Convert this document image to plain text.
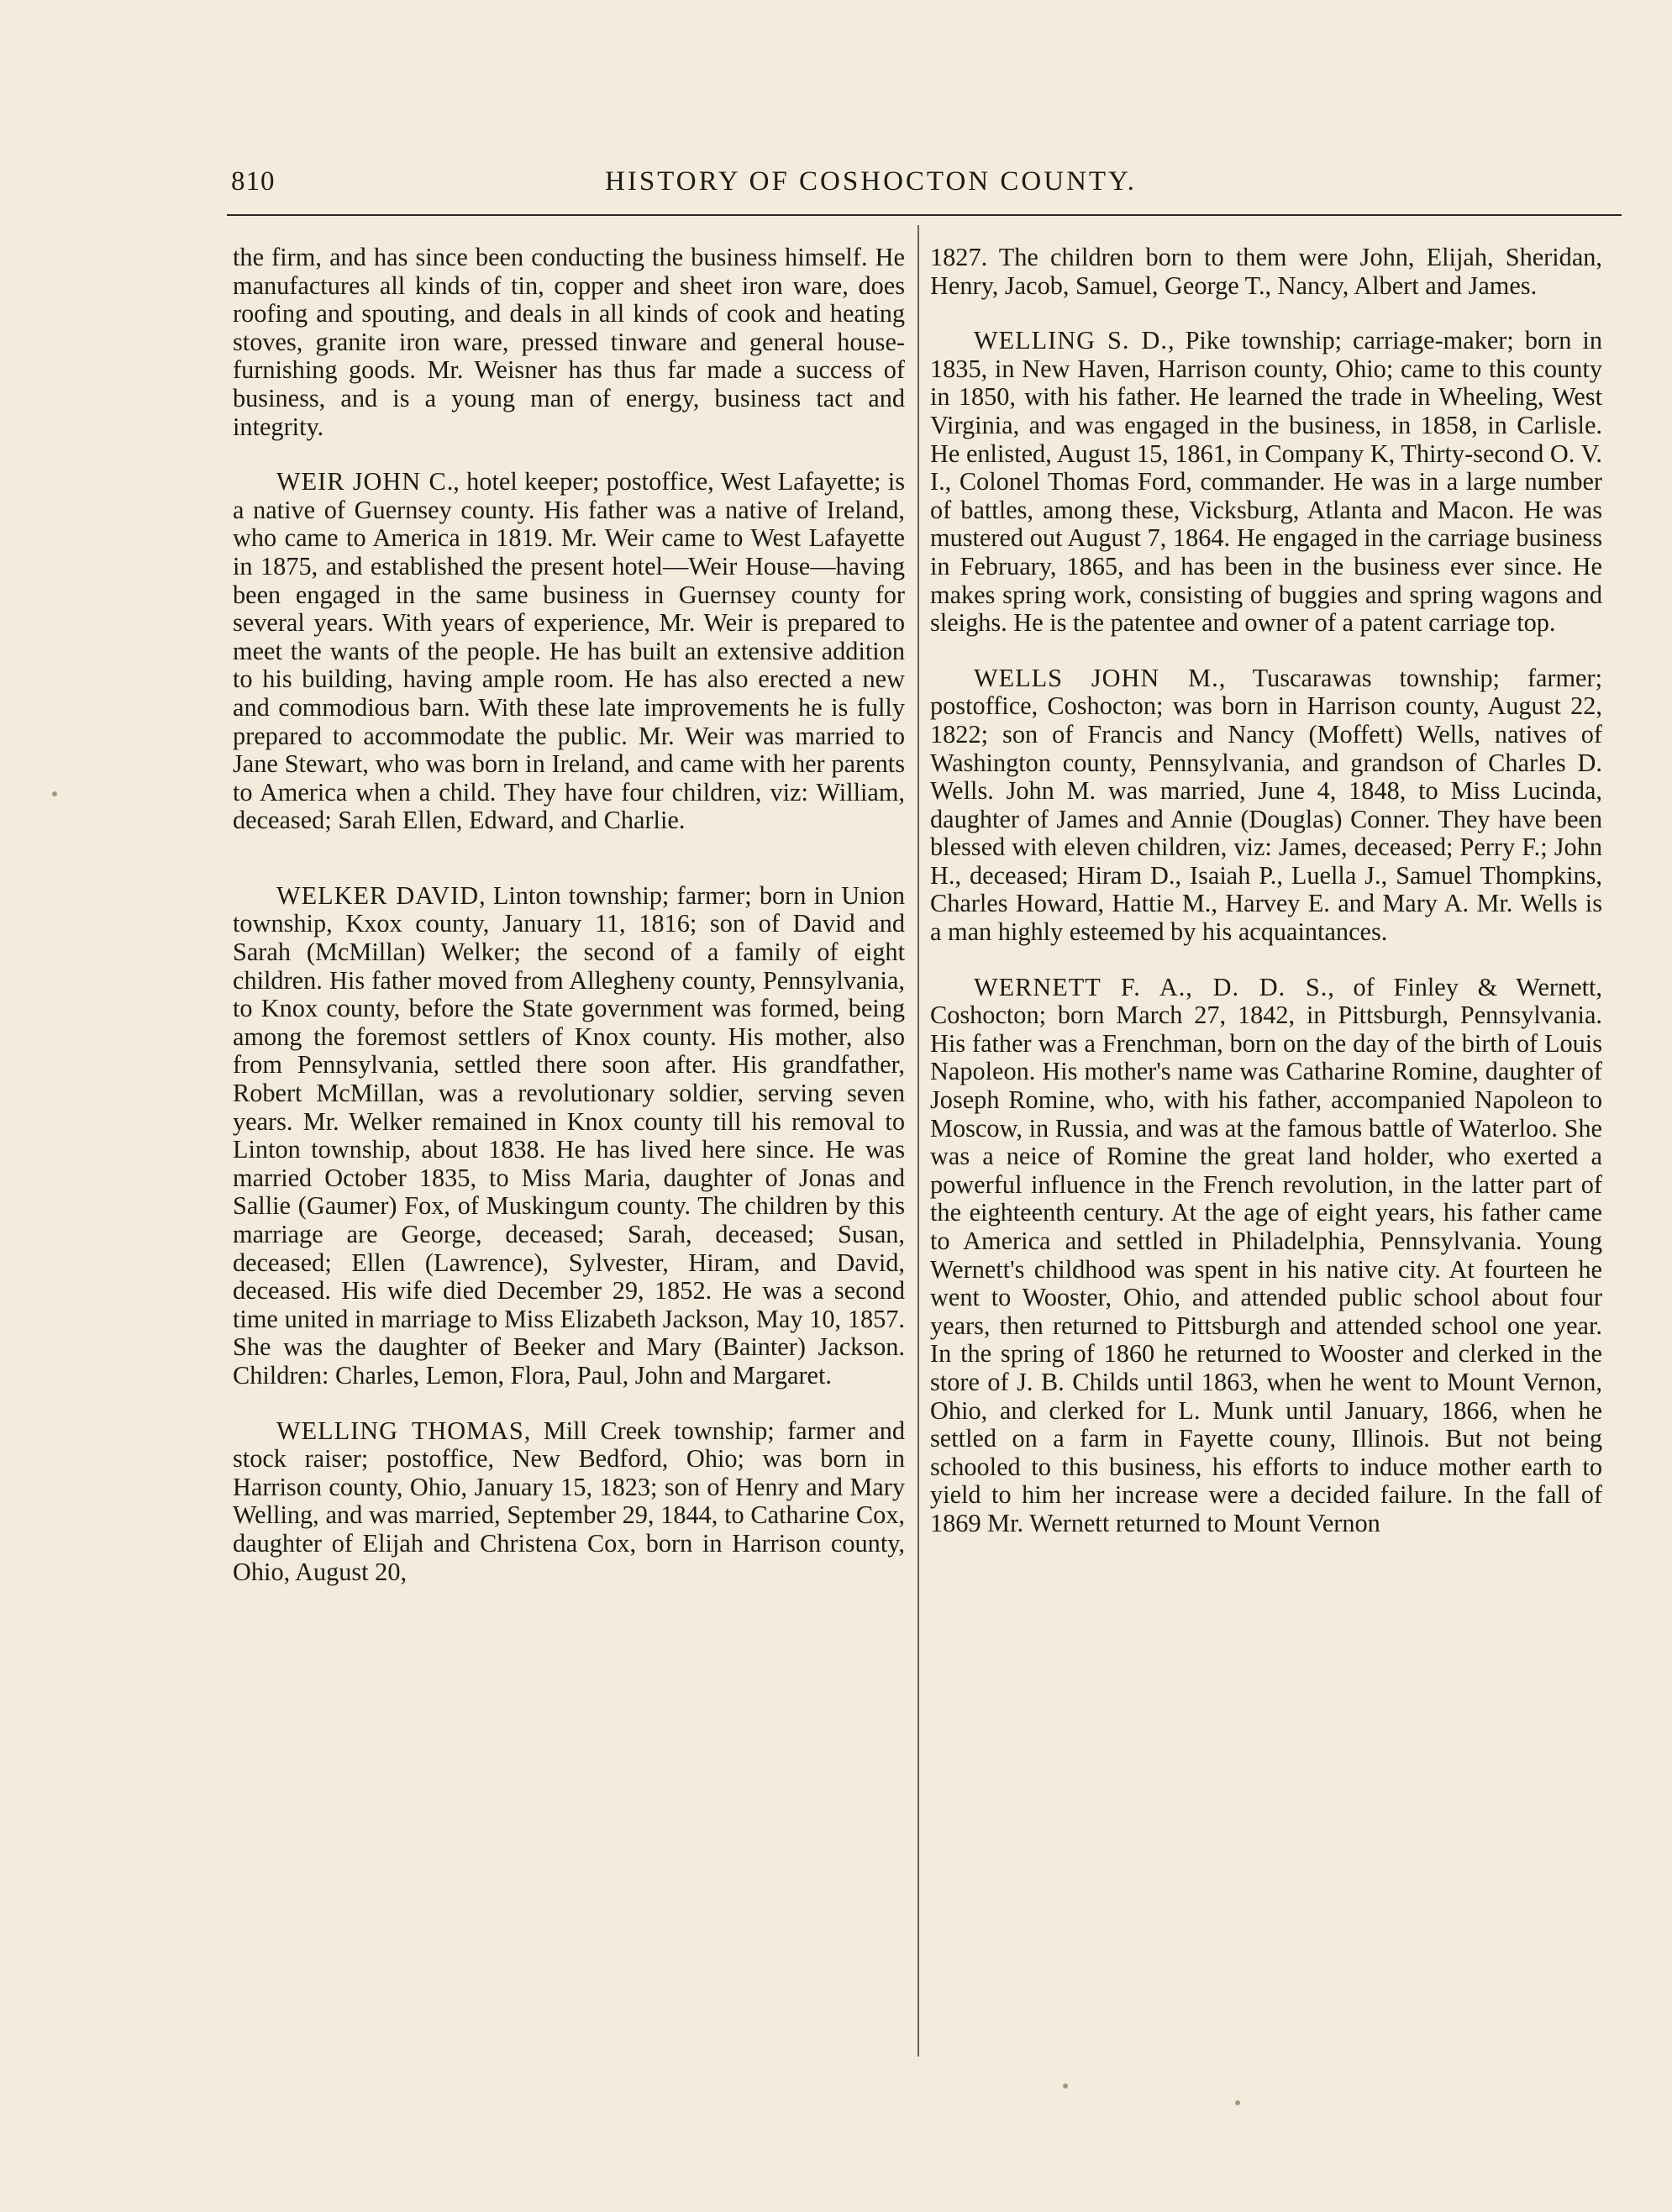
810	HISTORY OF COSHOCTON COUNTY.

the firm, and has since been conducting the business himself. He manufactures all kinds of tin, copper and sheet iron ware, does roofing and spouting, and deals in all kinds of cook and heating stoves, granite iron ware, pressed tinware and general house-furnishing goods. Mr. Weisner has thus far made a success of business, and is a young man of energy, business tact and integrity.

WEIR JOHN C., hotel keeper; postoffice, West Lafayette; is a native of Guernsey county. His father was a native of Ireland, who came to America in 1819. Mr. Weir came to West Lafayette in 1875, and established the present hotel—Weir House—having been engaged in the same business in Guernsey county for several years. With years of experience, Mr. Weir is prepared to meet the wants of the people. He has built an extensive addition to his building, having ample room. He has also erected a new and commodious barn. With these late improvements he is fully prepared to accommodate the public. Mr. Weir was married to Jane Stewart, who was born in Ireland, and came with her parents to America when a child. They have four children, viz: William, deceased; Sarah Ellen, Edward, and Charlie.

WELKER DAVID, Linton township; farmer; born in Union township, Kxox county, January 11, 1816; son of David and Sarah (McMillan) Welker; the second of a family of eight children. His father moved from Allegheny county, Pennsylvania, to Knox county, before the State government was formed, being among the foremost settlers of Knox county. His mother, also from Pennsylvania, settled there soon after. His grandfather, Robert McMillan, was a revolutionary soldier, serving seven years. Mr. Welker remained in Knox county till his removal to Linton township, about 1838. He has lived here since. He was married October 1835, to Miss Maria, daughter of Jonas and Sallie (Gaumer) Fox, of Muskingum county. The children by this marriage are George, deceased; Sarah, deceased; Susan, deceased; Ellen (Lawrence), Sylvester, Hiram, and David, deceased. His wife died December 29, 1852. He was a second time united in marriage to Miss Elizabeth Jackson, May 10, 1857. She was the daughter of Beeker and Mary (Bainter) Jackson. Children: Charles, Lemon, Flora, Paul, John and Margaret.

WELLING THOMAS, Mill Creek township; farmer and stock raiser; postoffice, New Bedford, Ohio; was born in Harrison county, Ohio, January 15, 1823; son of Henry and Mary Welling, and was married, September 29, 1844, to Catharine Cox, daughter of Elijah and Christena Cox, born in Harrison county, Ohio, August 20,

1827. The children born to them were John, Elijah, Sheridan, Henry, Jacob, Samuel, George T., Nancy, Albert and James.

WELLING S. D., Pike township; carriage-maker; born in 1835, in New Haven, Harrison county, Ohio; came to this county in 1850, with his father. He learned the trade in Wheeling, West Virginia, and was engaged in the business, in 1858, in Carlisle. He enlisted, August 15, 1861, in Company K, Thirty-second O. V. I., Colonel Thomas Ford, commander. He was in a large number of battles, among these, Vicksburg, Atlanta and Macon. He was mustered out August 7, 1864. He engaged in the carriage business in February, 1865, and has been in the business ever since. He makes spring work, consisting of buggies and spring wagons and sleighs. He is the patentee and owner of a patent carriage top.

WELLS JOHN M., Tuscarawas township; farmer; postoffice, Coshocton; was born in Harrison county, August 22, 1822; son of Francis and Nancy (Moffett) Wells, natives of Washington county, Pennsylvania, and grandson of Charles D. Wells. John M. was married, June 4, 1848, to Miss Lucinda, daughter of James and Annie (Douglas) Conner. They have been blessed with eleven children, viz: James, deceased; Perry F.; John H., deceased; Hiram D., Isaiah P., Luella J., Samuel Thompkins, Charles Howard, Hattie M., Harvey E. and Mary A. Mr. Wells is a man highly esteemed by his acquaintances.

WERNETT F. A., D. D. S., of Finley & Wernett, Coshocton; born March 27, 1842, in Pittsburgh, Pennsylvania. His father was a Frenchman, born on the day of the birth of Louis Napoleon. His mother's name was Catharine Romine, daughter of Joseph Romine, who, with his father, accompanied Napoleon to Moscow, in Russia, and was at the famous battle of Waterloo. She was a neice of Romine the great land holder, who exerted a powerful influence in the French revolution, in the latter part of the eighteenth century. At the age of eight years, his father came to America and settled in Philadelphia, Pennsylvania. Young Wernett's childhood was spent in his native city. At fourteen he went to Wooster, Ohio, and attended public school about four years, then returned to Pittsburgh and attended school one year. In the spring of 1860 he returned to Wooster and clerked in the store of J. B. Childs until 1863, when he went to Mount Vernon, Ohio, and clerked for L. Munk until January, 1866, when he settled on a farm in Fayette couny, Illinois. But not being schooled to this business, his efforts to induce mother earth to yield to him her increase were a decided failure. In the fall of 1869 Mr. Wernett returned to Mount Vernon
